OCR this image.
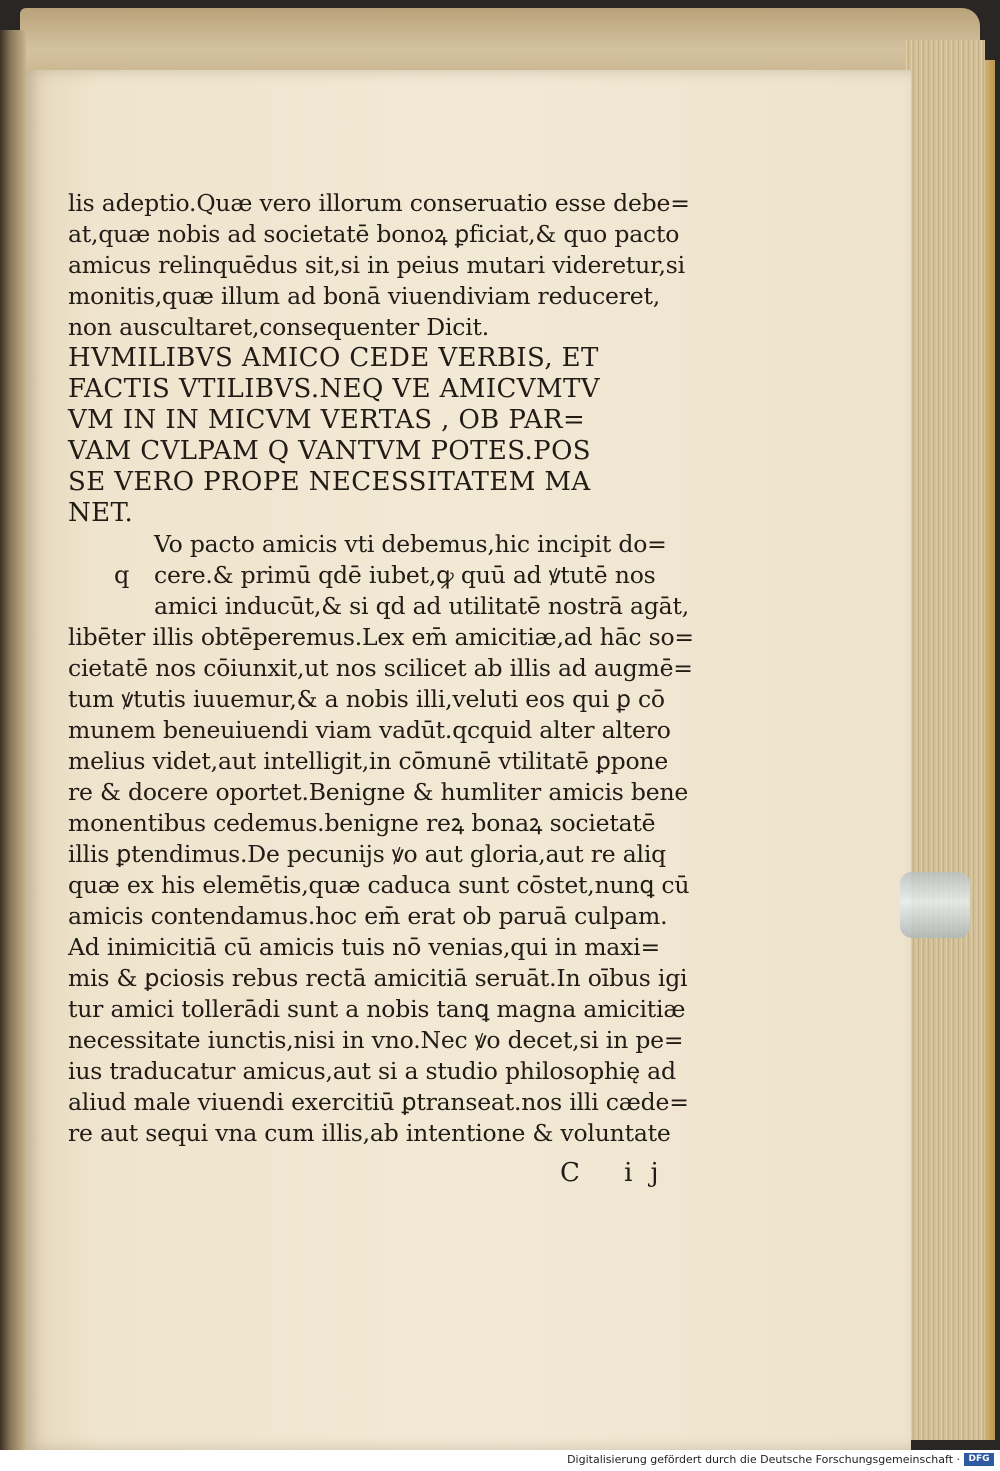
lis adeptio.Quæ vero illorum conseruatio esse debe=
at,quæ nobis ad societatē bonoꝝ ꝑficiat,& quo pacto
amicus relinquēdus sit,si in peius mutari videretur,si
monitis,quæ illum ad bonā viuendiviam reduceret,
non auscultaret,consequenter Dicit.
HVMILIBVS AMICO CEDE VERBIS, ET
FACTIS VTILIBVS.NEQ VE AMICVMTV
VM IN IN MICVM VERTAS , OB PAR=
VAM CVLPAM Q VANTVM POTES.POS
SE VERO PROPE NECESSITATEM MA
NET.
q
Vo pacto amicis vti debemus,hic incipit do=
cere.& primū qdē iubet,ꝙ quū ad ꝟtutē nos
amici inducūt,& si qd ad utilitatē nostrā agāt,
libēter illis obtēperemus.Lex em̄ amicitiæ,ad hāc so=
cietatē nos cōiunxit,ut nos scilicet ab illis ad augmē=
tum ꝟtutis iuuemur,& a nobis illi,veluti eos qui ꝑ cō
munem beneuiuendi viam vadūt.qcquid alter altero
melius videt,aut intelligit,in cōmunē vtilitatē ꝑpone
re & docere oportet.Benigne & humliter amicis bene
monentibus cedemus.benigne reꝝ bonaꝝ societatē
illis ꝑtendimus.De pecunijs ꝟo aut gloria,aut re aliq
quæ ex his elemētis,quæ caduca sunt cōstet,nunꝗ cū
amicis contendamus.hoc em̄ erat ob paruā culpam.
Ad inimicitiā cū amicis tuis nō venias,qui in maxi=
mis & ꝑciosis rebus rectā amicitiā seruāt.In oībus igi
tur amici tollerādi sunt a nobis tanꝗ magna amicitiæ
necessitate iunctis,nisi in vno.Nec ꝟo decet,si in pe=
ius traducatur amicus,aut si a studio philosophię ad
aliud male viuendi exercitiū ꝑtranseat.nos illi cæde=
re aut sequi vna cum illis,ab intentione & voluntate
C ij
Digitalisierung gefördert durch die Deutsche Forschungsgemeinschaft · DFG
